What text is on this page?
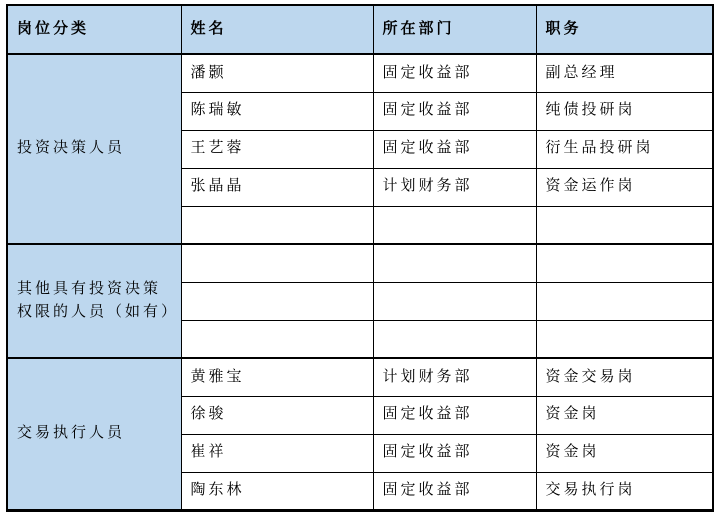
岗位分类	姓名	所在部门	职务
投资决策人员	潘颢	固定收益部	副总经理
	陈瑞敏	固定收益部	纯债投研岗
	王艺蓉	固定收益部	衍生品投研岗
	张晶晶	计划财务部	资金运作岗

其他具有投资决策权限的人员（如有）			

交易执行人员	黄雅宝	计划财务部	资金交易岗
	徐骏	固定收益部	资金岗
	崔祥	固定收益部	资金岗
	陶东林	固定收益部	交易执行岗
